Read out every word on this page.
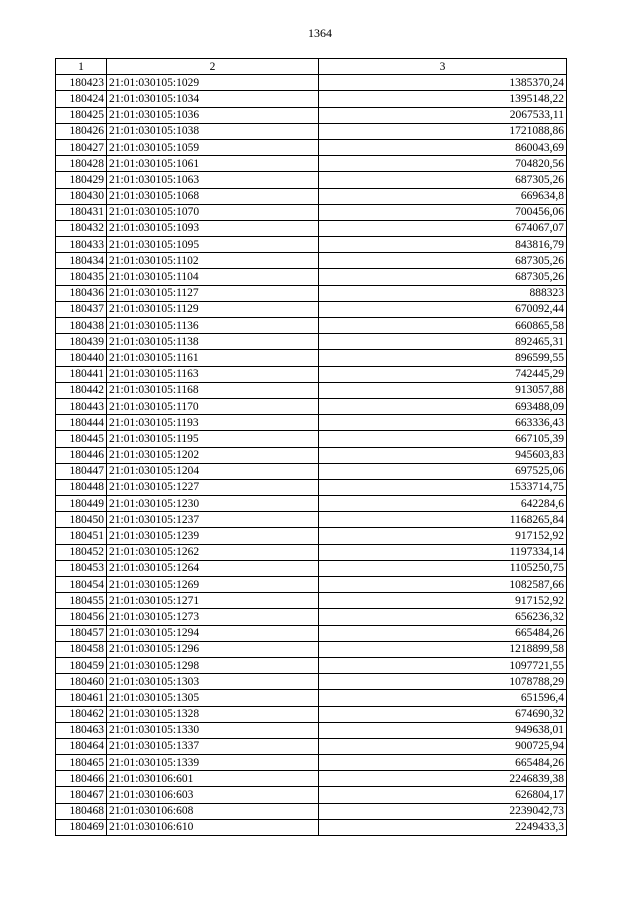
1364
1	2	3
180423	21:01:030105:1029	1385370,24
180424	21:01:030105:1034	1395148,22
180425	21:01:030105:1036	2067533,11
180426	21:01:030105:1038	1721088,86
180427	21:01:030105:1059	860043,69
180428	21:01:030105:1061	704820,56
180429	21:01:030105:1063	687305,26
180430	21:01:030105:1068	669634,8
180431	21:01:030105:1070	700456,06
180432	21:01:030105:1093	674067,07
180433	21:01:030105:1095	843816,79
180434	21:01:030105:1102	687305,26
180435	21:01:030105:1104	687305,26
180436	21:01:030105:1127	888323
180437	21:01:030105:1129	670092,44
180438	21:01:030105:1136	660865,58
180439	21:01:030105:1138	892465,31
180440	21:01:030105:1161	896599,55
180441	21:01:030105:1163	742445,29
180442	21:01:030105:1168	913057,88
180443	21:01:030105:1170	693488,09
180444	21:01:030105:1193	663336,43
180445	21:01:030105:1195	667105,39
180446	21:01:030105:1202	945603,83
180447	21:01:030105:1204	697525,06
180448	21:01:030105:1227	1533714,75
180449	21:01:030105:1230	642284,6
180450	21:01:030105:1237	1168265,84
180451	21:01:030105:1239	917152,92
180452	21:01:030105:1262	1197334,14
180453	21:01:030105:1264	1105250,75
180454	21:01:030105:1269	1082587,66
180455	21:01:030105:1271	917152,92
180456	21:01:030105:1273	656236,32
180457	21:01:030105:1294	665484,26
180458	21:01:030105:1296	1218899,58
180459	21:01:030105:1298	1097721,55
180460	21:01:030105:1303	1078788,29
180461	21:01:030105:1305	651596,4
180462	21:01:030105:1328	674690,32
180463	21:01:030105:1330	949638,01
180464	21:01:030105:1337	900725,94
180465	21:01:030105:1339	665484,26
180466	21:01:030106:601	2246839,38
180467	21:01:030106:603	626804,17
180468	21:01:030106:608	2239042,73
180469	21:01:030106:610	2249433,3
